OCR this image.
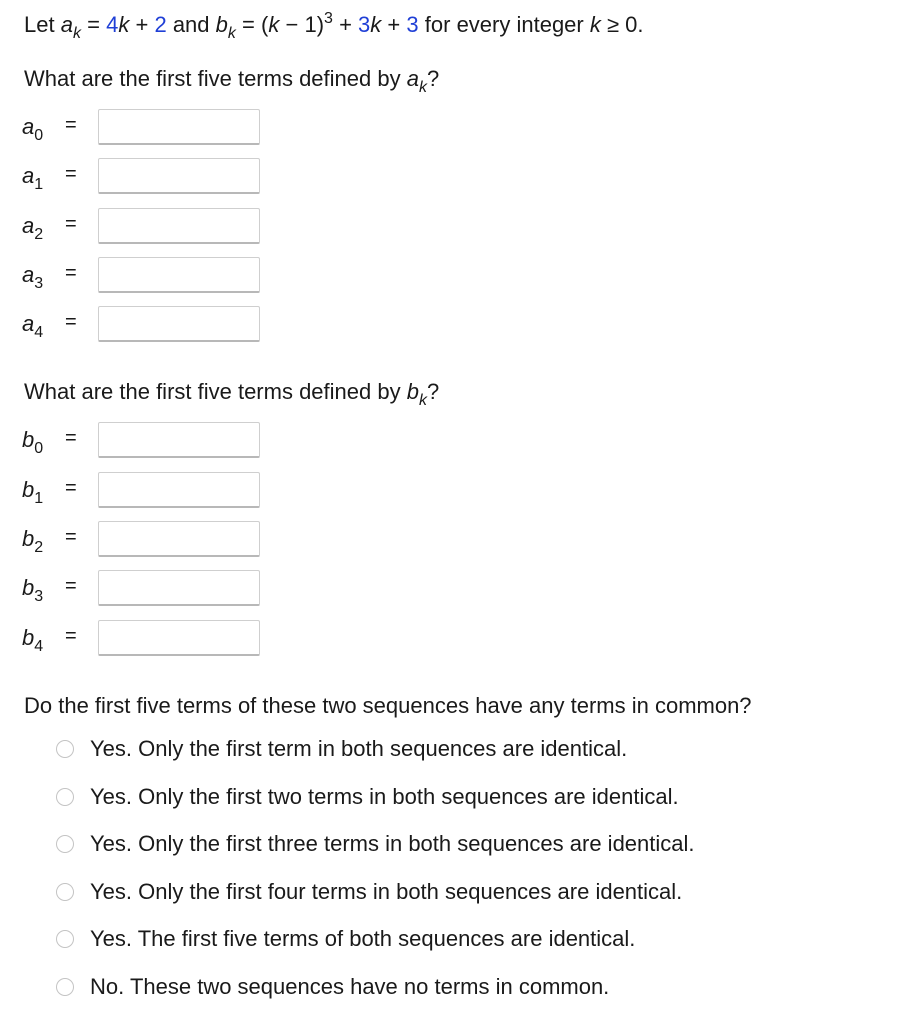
Let $a_k = 4k + 2$ and $b_k = (k - 1)^3 + 3k + 3$ for every integer k ≥ 0.
What are the first five terms defined by $a_k$?
$a_0$ =
$a_1$ =
$a_2$ =
$a_3$ =
$a_4$ =
What are the first five terms defined by $b_k$?
$b_0$ =
$b_1$ =
$b_2$ =
$b_3$ =
$b_4$ =
Do the first five terms of these two sequences have any terms in common?
Yes. Only the first term in both sequences are identical.
Yes. Only the first two terms in both sequences are identical.
Yes. Only the first three terms in both sequences are identical.
Yes. Only the first four terms in both sequences are identical.
Yes. The first five terms of both sequences are identical.
No. These two sequences have no terms in common.
